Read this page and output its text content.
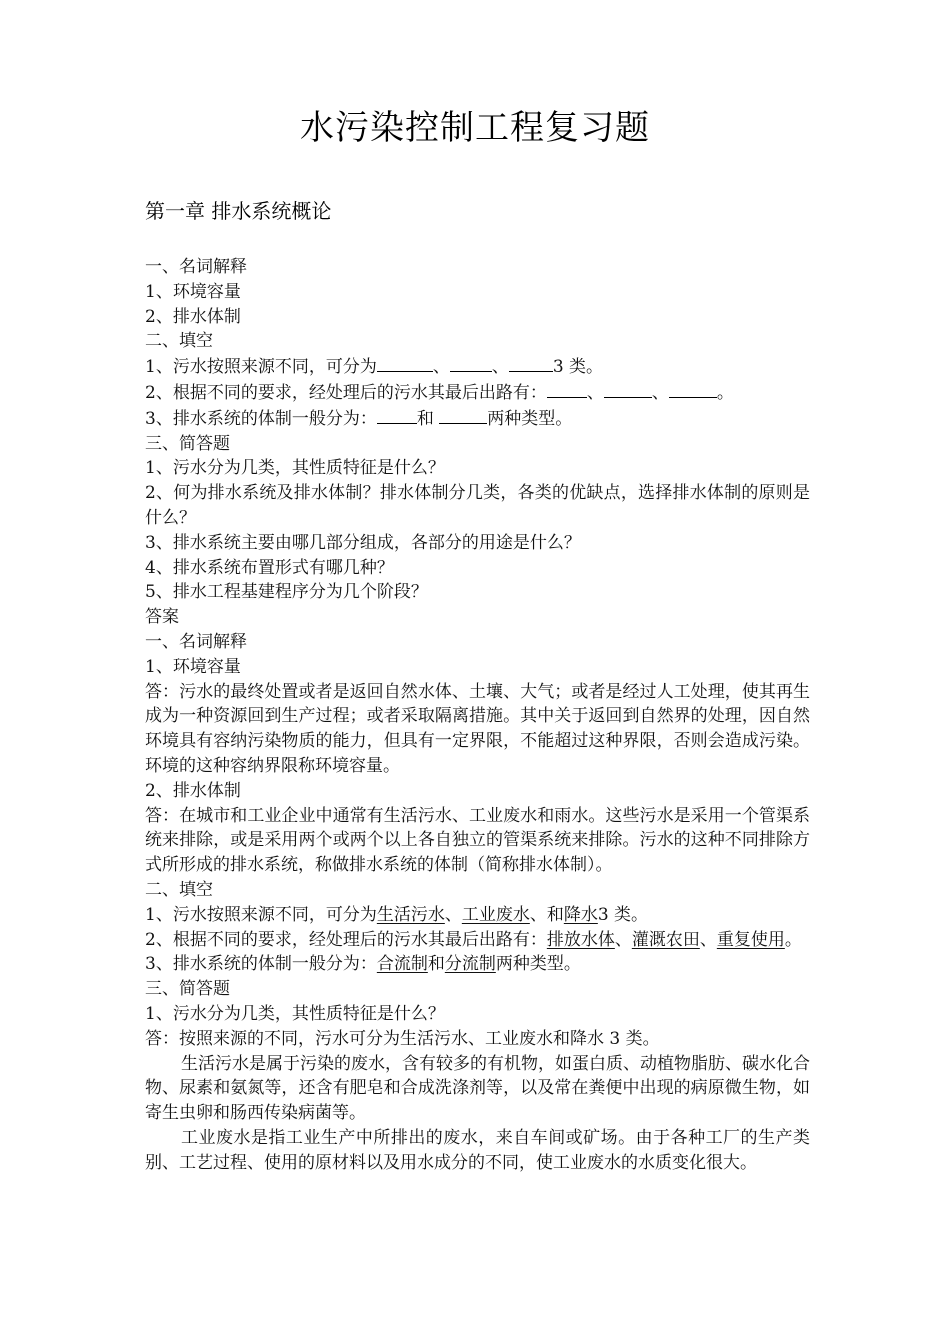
水污染控制工程复习题
第一章 排水系统概论
一、名词解释
1、环境容量
2、排水体制
二、填空
1、污水按照来源不同，可分为	、 、	3 类。
2、根据不同的要求，经处理后的污水其最后出路有： 、	、	。
3、排水系统的体制一般分为： 和	两种类型。
三、简答题
1、污水分为几类，其性质特征是什么？
2、何为排水系统及排水体制？排水体制分几类，各类的优缺点，选择排水体制的原则是什么？
3、排水系统主要由哪几部分组成，各部分的用途是什么？
4、排水系统布置形式有哪几种？
5、排水工程基建程序分为几个阶段？
答案
一、名词解释
1、环境容量
答：污水的最终处置或者是返回自然水体、土壤、大气；或者是经过人工处理，使其再生成为一种资源回到生产过程；或者采取隔离措施。其中关于返回到自然界的处理，因自然环境具有容纳污染物质的能力，但具有一定界限，不能超过这种界限，否则会造成污染。环境的这种容纳界限称环境容量。
2、排水体制
答：在城市和工业企业中通常有生活污水、工业废水和雨水。这些污水是采用一个管渠系统来排除，或是采用两个或两个以上各自独立的管渠系统来排除。污水的这种不同排除方式所形成的排水系统，称做排水系统的体制（简称排水体制）。
二、填空
1、污水按照来源不同，可分为生活污水、工业废水、和降水3 类。
2、根据不同的要求，经处理后的污水其最后出路有：排放水体、灌溉农田、重复使用。
3、排水系统的体制一般分为：合流制和分流制两种类型。
三、简答题
1、污水分为几类，其性质特征是什么？
答：按照来源的不同，污水可分为生活污水、工业废水和降水 3 类。
生活污水是属于污染的废水，含有较多的有机物，如蛋白质、动植物脂肪、碳水化合物、尿素和氨氮等，还含有肥皂和合成洗涤剂等，以及常在粪便中出现的病原微生物，如寄生虫卵和肠西传染病菌等。
工业废水是指工业生产中所排出的废水，来自车间或矿场。由于各种工厂的生产类别、工艺过程、使用的原材料以及用水成分的不同，使工业废水的水质变化很大。
